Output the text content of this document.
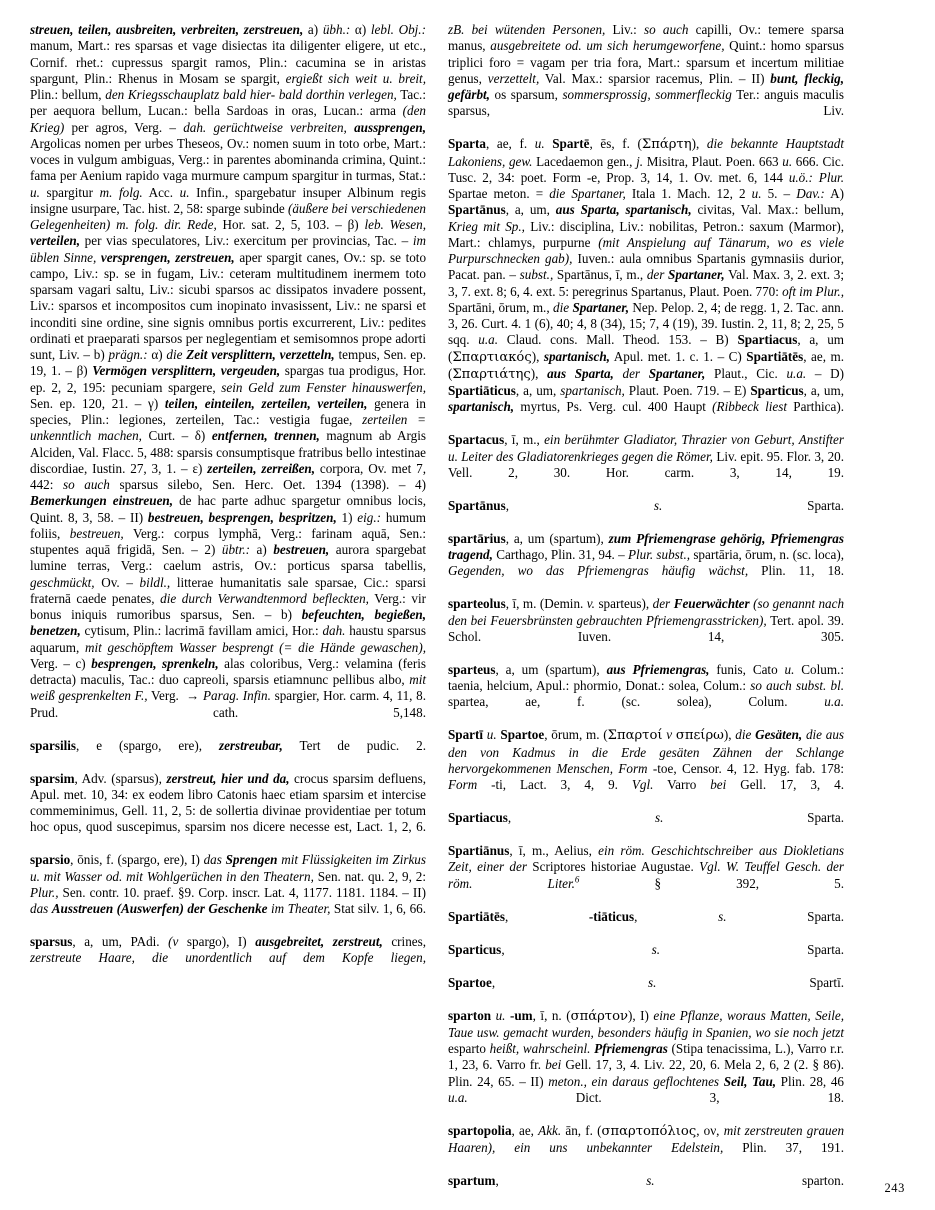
streuen, teilen, ausbreiten, verbreiten, zerstreuen, a) übh.: α) lebl. Obj.: manum, Mart.: res sparsas et vage disiectas ita diligenter eligere, ut etc., Cornif. rhet.: cupressus spargit ramos, Plin.: cacumina se in aristas spargunt, Plin.: Rhenus in Mosam se spargit, ergießt sich weit u. breit, Plin.: bellum, den Kriegsschauplatz bald hier- bald dorthin verlegen, Tac.: per aequora bellum, Lucan.: bella Sardoas in oras, Lucan.: arma (den Krieg) per agros, Verg. – dah. gerüchtweise verbreiten, aussprengen, Argolicas nomen per urbes Theseos, Ov.: nomen suum in toto orbe, Mart.: voces in vulgum ambiguas, Verg.: in parentes abominanda crimina, Quint.: fama per Aenium rapido vaga murmure campum spargitur in turmas, Stat.: u. spargitur m. folg. Acc. u. Infin., spargebatur insuper Albinum regis insigne usurpare, Tac. hist. 2, 58: sparge subinde (äußere bei verschiedenen Gelegenheiten) m. folg. dir. Rede, Hor. sat. 2, 5, 103. – β) leb. Wesen, verteilen, per vias speculatores, Liv.: exercitum per provincias, Tac. – im üblen Sinne, versprengen, zerstreuen, aper spargit canes, Ov.: sp. se toto campo, Liv.: sp. se in fugam, Liv.: ceteram multitudinem inermem toto sparsam vagari saltu, Liv.: sicubi sparsos ac dissipatos invadere possent, Liv.: sparsos et incompositos cum inopinato invasissent, Liv.: ne sparsi et inconditi sine ordine, sine signis omnibus portis excurrerent, Liv.: pedites ordinati et praeparati sparsos per neglegentiam et semisomnos prope adorti sunt, Liv. – b) prägn.: α) die Zeit versplittern, verzetteln, tempus, Sen. ep. 19, 1. – β) Vermögen versplittern, vergeuden, spargas tua prodigus, Hor. ep. 2, 2, 195: pecuniam spargere, sein Geld zum Fenster hinauswerfen, Sen. ep. 120, 21. – γ) teilen, einteilen, zerteilen, verteilen, genera in species, Plin.: legiones, zerteilen, Tac.: vestigia fugae, zerteilen = unkenntlich machen, Curt. – δ) entfernen, trennen, magnum ab Argis Alciden, Val. Flacc. 5, 488: sparsis consumptisque fratribus bello intestinae discordiae, Iustin. 27, 3, 1. – ε) zerteilen, zerreißen, corpora, Ov. met 7, 442: so auch sparsus silebo, Sen. Herc. Oet. 1394 (1398). – 4) Bemerkungen einstreuen, de hac parte adhuc spargetur omnibus locis, Quint. 8, 3, 58. – II) bestreuen, besprengen, bespritzen, 1) eig.: humum foliis, bestreuen, Verg.: corpus lymphā, Verg.: farinam aquā, Sen.: stupentes aquā frigidā, Sen. – 2) übtr.: a) bestreuen, aurora spargebat lumine terras, Verg.: caelum astris, Ov.: porticus sparsa tabellis, geschmückt, Ov. – bildl., litterae humanitatis sale sparsae, Cic.: sparsi fraternā caede penates, die durch Verwandtenmord befleckten, Verg.: vir bonus iniquis rumoribus sparsus, Sen. – b) befeuchten, begießen, benetzen, cytisum, Plin.: lacrimā favillam amici, Hor.: dah. haustu sparsus aquarum, mit geschöpftem Wasser besprengt (= die Hände gewaschen), Verg. – c) besprengen, sprenkeln, alas coloribus, Verg.: velamina (feris detracta) maculis, Tac.: duo capreoli, sparsis etiamnunc pellibus albo, mit weiß gesprenkelten F., Verg.  → Parag. Infin. spargier, Hor. carm. 4, 11, 8. Prud. cath. 5,148.

sparsilis, e (spargo, ere), zerstreubar, Tert de pudic. 2.

sparsim, Adv. (sparsus), zerstreut, hier und da, crocus sparsim defluens, Apul. met. 10, 34: ex eodem libro Catonis haec etiam sparsim et intercise commeminimus, Gell. 11, 2, 5: de sollertia divinae providentiae per totum hoc opus, quod suscepimus, sparsim nos dicere necesse est, Lact. 1, 2, 6.

sparsio, ōnis, f. (spargo, ere), I) das Sprengen mit Flüssigkeiten im Zirkus u. mit Wasser od. mit Wohlgerüchen in den Theatern, Sen. nat. qu. 2, 9, 2: Plur., Sen. contr. 10. praef. §9. Corp. inscr. Lat. 4, 1177. 1181. 1184. – II) das Ausstreuen (Auswerfen) der Geschenke im Theater, Stat silv. 1, 6, 66.

sparsus, a, um, PAdi. (v spargo), I) ausgebreitet, zerstreut, crines, zerstreute Haare, die unordentlich auf dem Kopfe liegen,

zB. bei wütenden Personen, Liv.: so auch capilli, Ov.: temere sparsa manus, ausgebreitete od. um sich herumgeworfene, Quint.: homo sparsus triplici foro = vagam per tria fora, Mart.: sparsum et incertum militiae genus, verzettelt, Val. Max.: sparsior racemus, Plin. – II) bunt, fleckig, gefärbt, os sparsum, sommersprossig, sommerfleckig Ter.: anguis maculis sparsus, Liv.

Sparta, ae, f. u. Spartē, ēs, f. (Σπάρτη), die bekannte Hauptstadt Lakoniens, gew. Lacedaemon gen., j. Misitra, Plaut. Poen. 663 u. 666. Cic. Tusc. 2, 34: poet. Form -e, Prop. 3, 14, 1. Ov. met. 6, 144 u.ö.: Plur. Spartae meton. = die Spartaner, Itala 1. Mach. 12, 2 u. 5. – Dav.: A) Spartānus, a, um, aus Sparta, spartanisch, civitas, Val. Max.: bellum, Krieg mit Sp., Liv.: disciplina, Liv.: nobilitas, Petron.: saxum (Marmor), Mart.: chlamys, purpurne (mit Anspielung auf Tänarum, wo es viele Purpurschnecken gab), Iuven.: aula omnibus Spartanis gymnasiis durior, Pacat. pan. – subst., Spartānus, ī, m., der Spartaner, Val. Max. 3, 2. ext. 3; 3, 7. ext. 8; 6, 4. ext. 5: peregrinus Spartanus, Plaut. Poen. 770: oft im Plur., Spartāni, ōrum, m., die Spartaner, Nep. Pelop. 2, 4; de regg. 1, 2. Tac. ann. 3, 26. Curt. 4. 1 (6), 40; 4, 8 (34), 15; 7, 4 (19), 39. Iustin. 2, 11, 8; 2, 25, 5 sqq. u.a. Claud. cons. Mall. Theod. 153. – B) Spartiacus, a, um (Σπαρτιακός), spartanisch, Apul. met. 1. c. 1. – C) Spartiātēs, ae, m. (Σπαρτιάτης), aus Sparta, der Spartaner, Plaut., Cic. u.a. – D) Spartiāticus, a, um, spartanisch, Plaut. Poen. 719. – E) Sparticus, a, um, spartanisch, myrtus, Ps. Verg. cul. 400 Haupt (Ribbeck liest Parthica).

Spartacus, ī, m., ein berühmter Gladiator, Thrazier von Geburt, Anstifter u. Leiter des Gladiatorenkrieges gegen die Römer, Liv. epit. 95. Flor. 3, 20. Vell. 2, 30. Hor. carm. 3, 14, 19.

Spartānus, s. Sparta.

spartārius, a, um (spartum), zum Pfriemengrase gehörig, Pfriemengras tragend, Carthago, Plin. 31, 94. – Plur. subst., spartāria, ōrum, n. (sc. loca), Gegenden, wo das Pfriemengras häufig wächst, Plin. 11, 18.

sparteolus, ī, m. (Demin. v. sparteus), der Feuerwächter (so genannt nach den bei Feuersbrünsten gebrauchten Pfriemengrasstricken), Tert. apol. 39. Schol. Iuven. 14, 305.

sparteus, a, um (spartum), aus Pfriemengras, funis, Cato u. Colum.: taenia, helcium, Apul.: phormio, Donat.: solea, Colum.: so auch subst. bl. spartea, ae, f. (sc. solea), Colum. u.a.

Spartī u. Spartoe, ōrum, m. (Σπαρτοί v σπείρω), die Gesäten, die aus den von Kadmus in die Erde gesäten Zähnen der Schlange hervorgekommenen Menschen, Form -toe, Censor. 4, 12. Hyg. fab. 178: Form -ti, Lact. 3, 4, 9. Vgl. Varro bei Gell. 17, 3, 4.

Spartiacus, s. Sparta.

Spartiānus, ī, m., Aelius, ein röm. Geschichtschreiber aus Diokletians Zeit, einer der Scriptores historiae Augustae. Vgl. W. Teuffel Gesch. der röm. Liter.$^6$ § 392, 5.

Spartiātēs, -tiāticus, s. Sparta.

Sparticus, s. Sparta.

Spartoe, s. Spartī.

sparton u. -um, ī, n. (σπάρτον), I) eine Pflanze, woraus Matten, Seile, Taue usw. gemacht wurden, besonders häufig in Spanien, wo sie noch jetzt esparto heißt, wahrscheinl. Pfriemengras (Stipa tenacissima, L.), Varro r.r. 1, 23, 6. Varro fr. bei Gell. 17, 3, 4. Liv. 22, 20, 6. Mela 2, 6, 2 (2. § 86). Plin. 24, 65. – II) meton., ein daraus geflochtenes Seil, Tau, Plin. 28, 46 u.a. Dict. 3, 18.

spartopolia, ae, Akk. ān, f. (σπαρτοπόλιος, ον, mit zerstreuten grauen Haaren), ein uns unbekannter Edelstein, Plin. 37, 191.

spartum, s. sparton.	243
